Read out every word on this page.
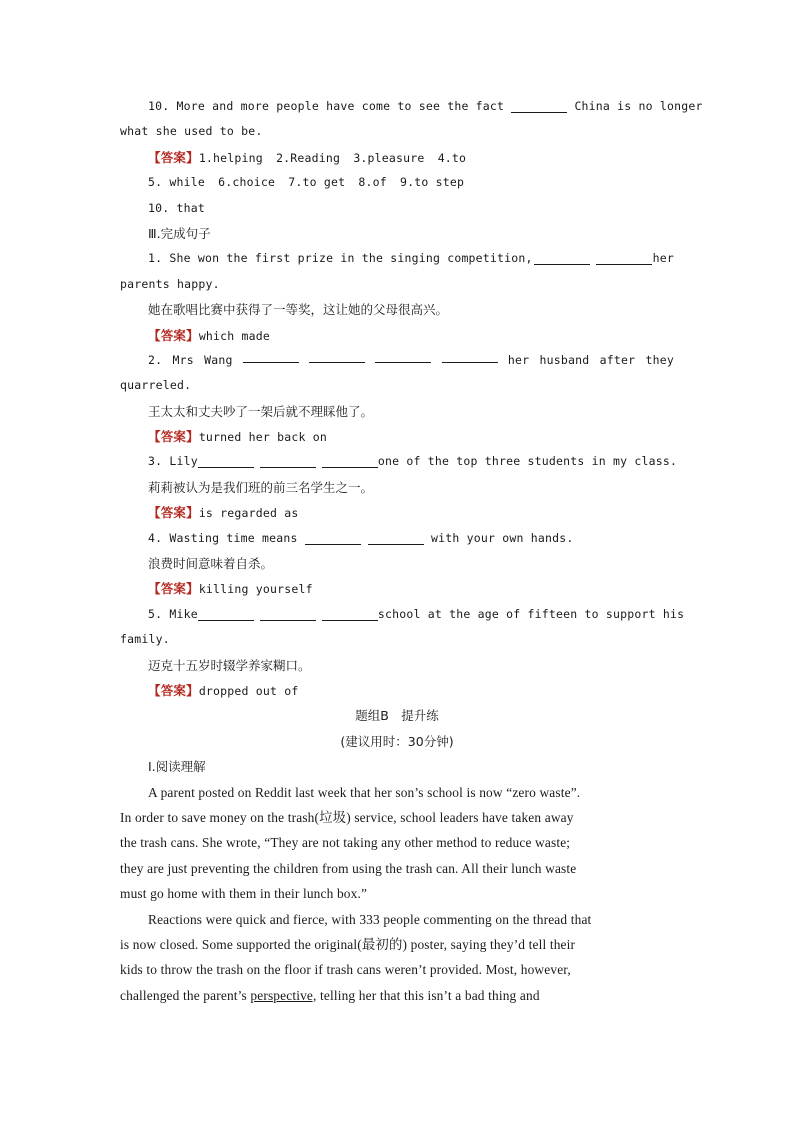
10. More and more people have come to see the fact	China is no longer
what she used to be.
【答案】1.helping 2.Reading 3.pleasure 4.to
5. while 6.choice 7.to get 8.of 9.to step
10. that
Ⅲ.完成句子
1. She won the first prize in the singing competition,	her
parents happy.
她在歌唱比赛中获得了一等奖，这让她的父母很高兴。
【答案】which made
2. Mrs Wang	her husband after they
quarreled.
王太太和丈夫吵了一架后就不理睬他了。
【答案】turned her back on
3. Lily	one of the top three students in my class.
莉莉被认为是我们班的前三名学生之一。
【答案】is regarded as
4. Wasting time means	with your own hands.
浪费时间意味着自杀。
【答案】killing yourself
5. Mike	school at the age of fifteen to support his
family.
迈克十五岁时辍学养家糊口。
【答案】dropped out of
题组B　提升练
(建议用时：30分钟)
Ⅰ.阅读理解
A parent posted on Reddit last week that her son’s school is now “zero waste”.
In order to save money on the trash(垃圾) service, school leaders have taken away
the trash cans. She wrote, “They are not taking any other method to reduce waste;
they are just preventing the children from using the trash can. All their lunch waste
must go home with them in their lunch box.”
Reactions were quick and fierce, with 333 people commenting on the thread that
is now closed. Some supported the original(最初的) poster, saying they’d tell their
kids to throw the trash on the floor if trash cans weren’t provided. Most, however,
challenged the parent’s perspective, telling her that this isn’t a bad thing and
